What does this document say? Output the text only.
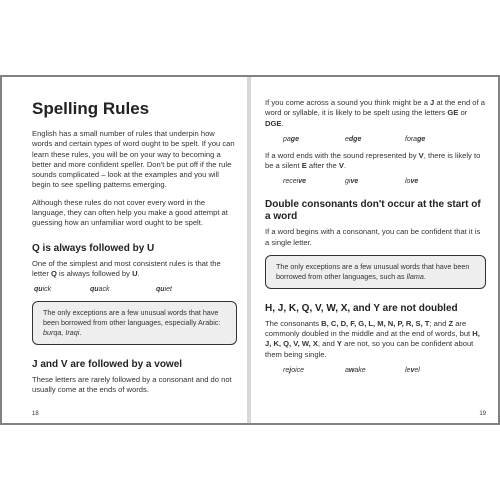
Spelling Rules

English has a small number of rules that underpin how words and certain types of word ought to be spelt. If you can learn these rules, you will be on your way to becoming a better and more confident speller. Don't be put off if the rule sounds complicated – look at the examples and you will begin to see spelling patterns emerging.

Although these rules do not cover every word in the language, they can often help you make a good attempt at guessing how an unfamiliar word ought to be spelt.

Q is always followed by U

One of the simplest and most consistent rules is that the letter Q is always followed by U.

quick	quack	quiet
The only exceptions are a few unusual words that have been borrowed from other languages, especially Arabic: burqa, Iraqi.
J and V are followed by a vowel

These letters are rarely followed by a consonant and do not usually come at the ends of words.

18

If you come across a sound you think might be a J at the end of a word or syllable, it is likely to be spelt using the letters GE or DGE.

page	edge	forage

If a word ends with the sound represented by V, there is likely to be a silent E after the V.

receive	give	love
Double consonants don't occur at the start of a word

If a word begins with a consonant, you can be confident that it is a single letter.

The only exceptions are a few unusual words that have been borrowed from other languages, such as llama.
H, J, K, Q, V, W, X, and Y are not doubled

The consonants B, C, D, F, G, L, M, N, P, R, S, T; and Z are commonly doubled in the middle and at the end of words, but H, J, K, Q, V, W, X, and Y are not, so you can be confident about them being single.

rejoice	awake	level
19
